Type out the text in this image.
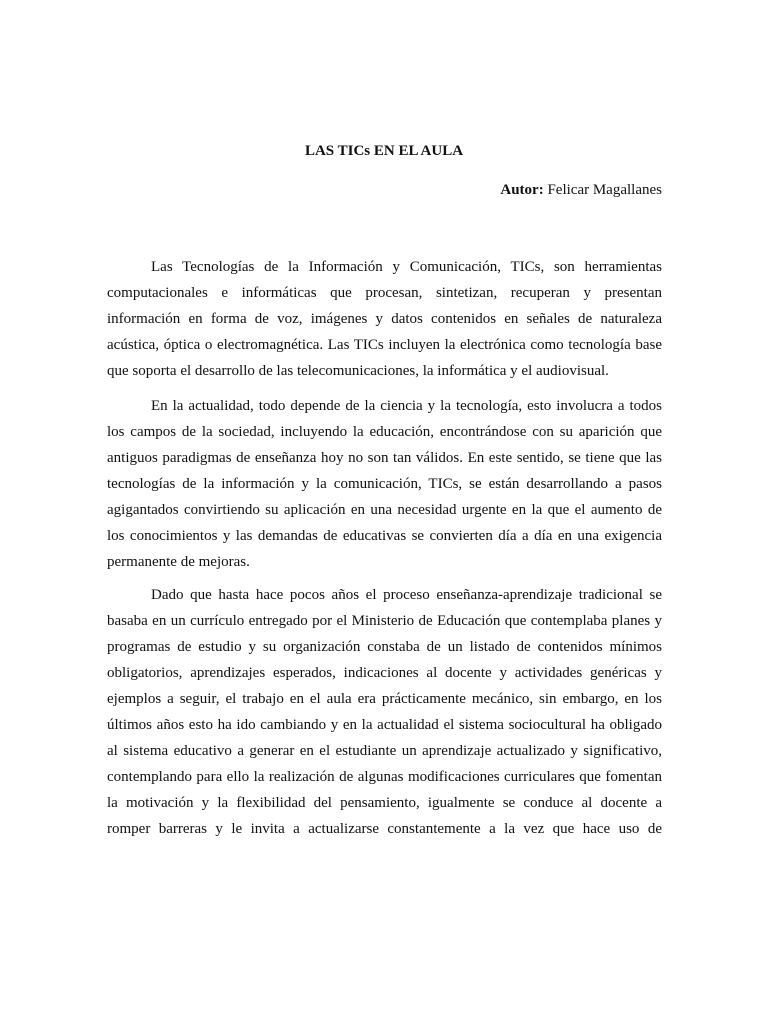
LAS TICs EN EL AULA
Autor: Felicar Magallanes
Las Tecnologías de la Información y Comunicación, TICs, son herramientas
computacionales e informáticas que procesan, sintetizan, recuperan y presentan
información en forma de voz, imágenes y datos contenidos en señales de naturaleza
acústica, óptica o electromagnética. Las TICs incluyen la electrónica como tecnología base
que soporta el desarrollo de las telecomunicaciones, la informática y el audiovisual.
En la actualidad, todo depende de la ciencia y la tecnología, esto involucra a todos
los campos de la sociedad, incluyendo la educación, encontrándose con su aparición que
antiguos paradigmas de enseñanza hoy no son tan válidos. En este sentido, se tiene que las
tecnologías de la información y la comunicación, TICs, se están desarrollando a pasos
agigantados convirtiendo su aplicación en una necesidad urgente en la que el aumento de
los conocimientos y las demandas de educativas se convierten día a día en una exigencia
permanente de mejoras.
Dado que hasta hace pocos años el proceso enseñanza-aprendizaje tradicional se
basaba en un currículo entregado por el Ministerio de Educación que contemplaba planes y
programas de estudio y su organización constaba de un listado de contenidos mínimos
obligatorios, aprendizajes esperados, indicaciones al docente y actividades genéricas y
ejemplos a seguir, el trabajo en el aula era prácticamente mecánico, sin embargo, en los
últimos años esto ha ido cambiando y en la actualidad el sistema sociocultural ha obligado
al sistema educativo a generar en el estudiante un aprendizaje actualizado y significativo,
contemplando para ello la realización de algunas modificaciones curriculares que fomentan
la motivación y la flexibilidad del pensamiento, igualmente se conduce al docente a
romper barreras y le invita a actualizarse constantemente a la vez que hace uso de
